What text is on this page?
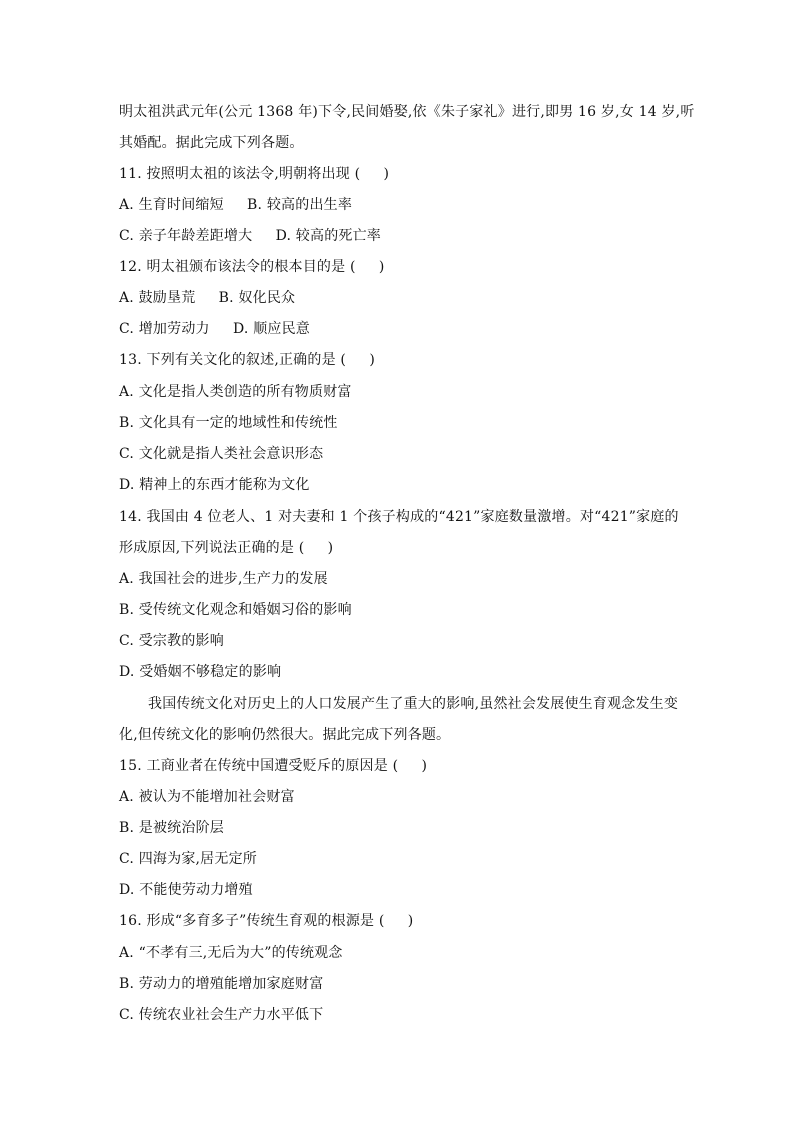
明太祖洪武元年(公元 1368 年)下令,民间婚娶,依《朱子家礼》进行,即男 16 岁,女 14 岁,听
其婚配。据此完成下列各题。
11. 按照明太祖的该法令,明朝将出现 (     )
A. 生育时间缩短     B. 较高的出生率
C. 亲子年龄差距增大     D. 较高的死亡率
12. 明太祖颁布该法令的根本目的是 (     )
A. 鼓励垦荒     B. 奴化民众
C. 增加劳动力     D. 顺应民意
13. 下列有关文化的叙述,正确的是 (     )
A. 文化是指人类创造的所有物质财富
B. 文化具有一定的地域性和传统性
C. 文化就是指人类社会意识形态
D. 精神上的东西才能称为文化
14. 我国由 4 位老人、1 对夫妻和 1 个孩子构成的“421”家庭数量激增。对“421”家庭的
形成原因,下列说法正确的是 (     )
A. 我国社会的进步,生产力的发展
B. 受传统文化观念和婚姻习俗的影响
C. 受宗教的影响
D. 受婚姻不够稳定的影响
我国传统文化对历史上的人口发展产生了重大的影响,虽然社会发展使生育观念发生变
化,但传统文化的影响仍然很大。据此完成下列各题。
15. 工商业者在传统中国遭受贬斥的原因是 (     )
A. 被认为不能增加社会财富
B. 是被统治阶层
C. 四海为家,居无定所
D. 不能使劳动力增殖
16. 形成“多育多子”传统生育观的根源是 (     )
A. “不孝有三,无后为大”的传统观念
B. 劳动力的增殖能增加家庭财富
C. 传统农业社会生产力水平低下
